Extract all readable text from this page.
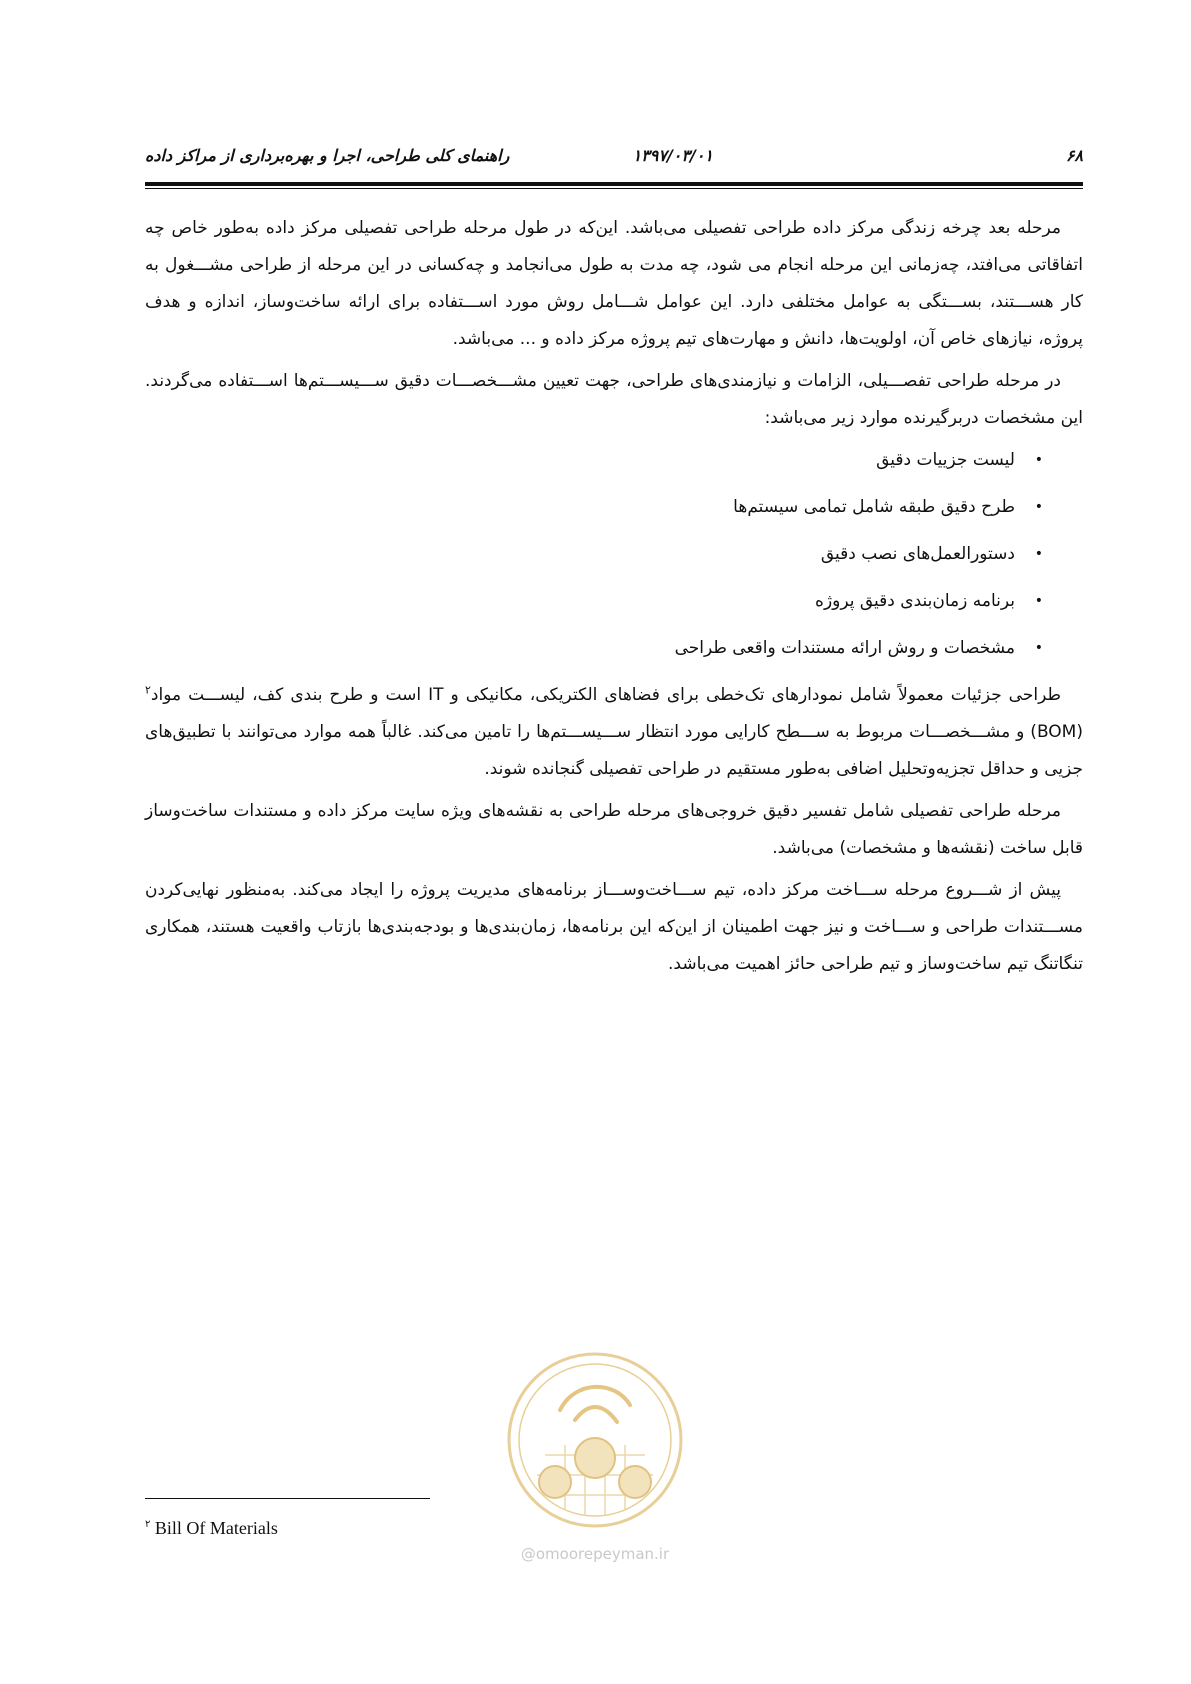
۶۸
۱۳۹۷/۰۳/۰۱
راهنمای کلی طراحی، اجرا و بهره‌برداری از مراکز داده

مرحله بعد چرخه زندگی مرکز داده طراحی تفصیلی می‌باشد. این‌که در طول مرحله طراحی تفصیلی مرکز داده به‌طور خاص چه اتفاقاتی می‌افتد، چه‌زمانی این مرحله انجام می شود، چه مدت به طول می‌انجامد و چه‌کسانی در این مرحله از طراحی مشـــغول به کار هســـتند، بســـتگی به عوامل مختلفی دارد. این عوامل شـــامل روش مورد اســـتفاده برای ارائه ساخت‌وساز، اندازه و هدف پروژه، نیازهای خاص آن، اولویت‌ها، دانش و مهارت‌های تیم پروژه مرکز داده و ... می‌باشد.

در مرحله طراحی تفصـــیلی، الزامات و نیازمندی‌های طراحی، جهت تعیین مشـــخصـــات دقیق ســـیســـتم‌ها اســـتفاده می‌گردند. این مشخصات دربرگیرنده موارد زیر می‌باشد:

•
لیست جزییات دقیق
•
طرح دقیق طبقه شامل تمامی سیستم‌ها
•
دستورالعمل‌های نصب دقیق
•
برنامه زمان‌بندی دقیق پروژه
•
مشخصات و روش ارائه مستندات واقعی طراحی

طراحی جزئیات معمولاً شامل نمودارهای تک‌خطی برای فضاهای الکتریکی، مکانیکی و IT است و طرح بندی کف، لیســـت مواد$^۲$ (BOM) و مشـــخصـــات مربوط به ســـطح کارایی مورد انتظار ســـیســـتم‌ها را تامین می‌کند. غالباً همه موارد می‌توانند با تطبیق‌های جزیی و حداقل تجزیه‌وتحلیل اضافی به‌طور مستقیم در طراحی تفصیلی گنجانده شوند.

مرحله طراحی تفصیلی شامل تفسیر دقیق خروجی‌های مرحله طراحی به نقشه‌های ویژه سایت مرکز داده و مستندات ساخت‌وساز قابل ساخت (نقشه‌ها و مشخصات) می‌باشد.

پیش از شـــروع مرحله ســـاخت مرکز داده، تیم ســـاخت‌وســـاز برنامه‌های مدیریت پروژه را ایجاد می‌کند. به‌منظور نهایی‌کردن مســـتندات طراحی و ســـاخت و نیز جهت اطمینان از این‌که این برنامه‌ها، زمان‌بندی‌ها و بودجه‌بندی‌ها بازتاب واقعیت هستند، همکاری تنگاتنگ تیم ساخت‌وساز و تیم طراحی حائز اهمیت می‌باشد.

@omoorepeyman.ir
$^۲$ Bill Of Materials
